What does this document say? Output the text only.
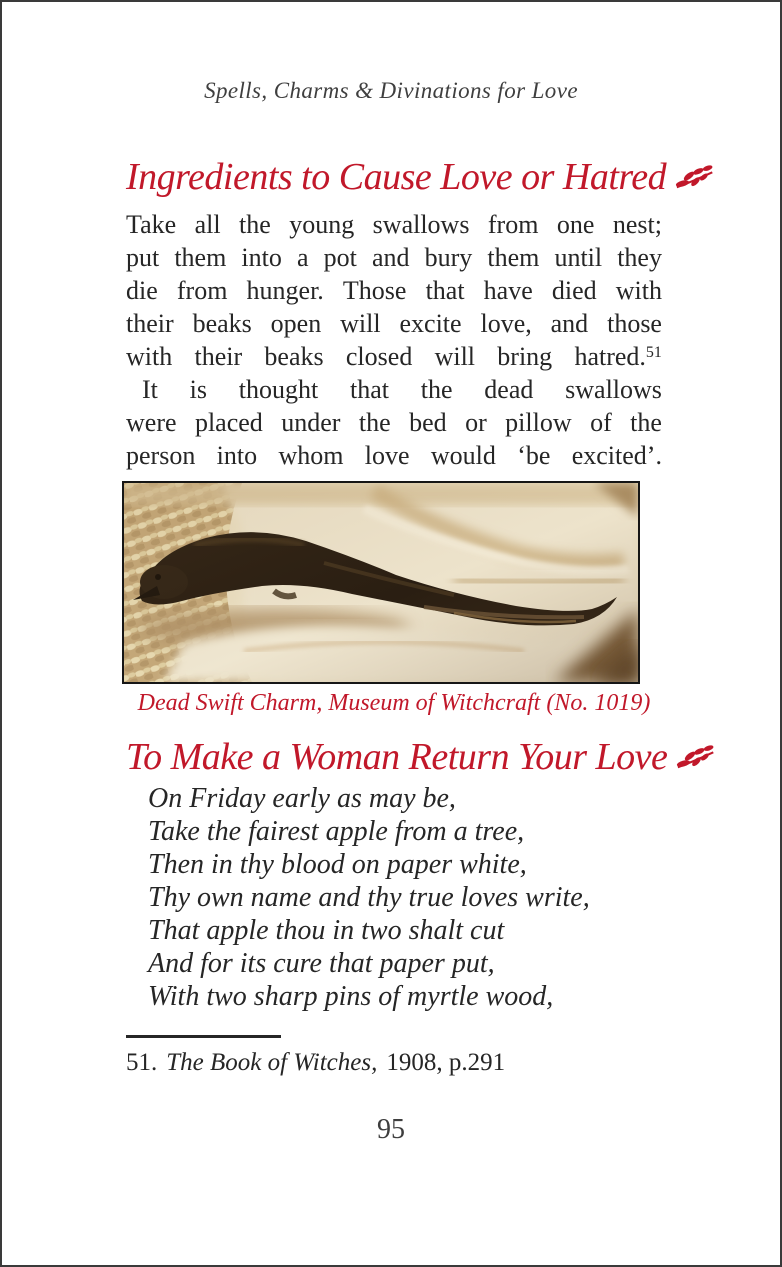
Spells, Charms & Divinations for Love
Ingredients to Cause Love or Hatred
Take all the young swallows from one nest;
put them into a pot and bury them until they
die from hunger. Those that have died with
their beaks open will excite love, and those
with their beaks closed will bring hatred.$^{51}$
It is thought that the dead swallows
were placed under the bed or pillow of the
person into whom love would ‘be excited’.
Dead Swift Charm, Museum of Witchcraft (No. 1019)
To Make a Woman Return Your Love
On Friday early as may be,
Take the fairest apple from a tree,
Then in thy blood on paper white,
Thy own name and thy true loves write,
That apple thou in two shalt cut
And for its cure that paper put,
With two sharp pins of myrtle wood,
51. The Book of Witches, 1908, p.291
95
